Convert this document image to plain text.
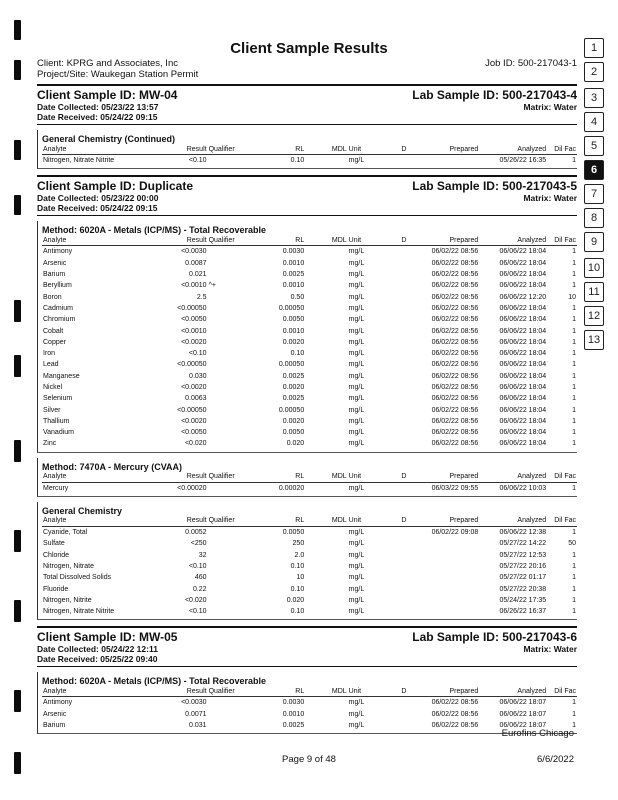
1
2
3
4
5
6
7
8
9
10
11
12
13
Client Sample Results
Client: KPRG and Associates, Inc	Job ID: 500-217043-1
Project/Site: Waukegan Station Permit
Client Sample ID: MW-04	Lab Sample ID: 500-217043-4
Date Collected: 05/23/22 13:57	Matrix: Water
Date Received: 05/24/22 09:15
General Chemistry (Continued)
Analyte	Result	Qualifier	RL	MDL	Unit	D	Prepared	Analyzed	Dil Fac
Nitrogen, Nitrate Nitrite	<0.10		0.10		mg/L			05/26/22 16:35	1
Client Sample ID: Duplicate	Lab Sample ID: 500-217043-5
Date Collected: 05/23/22 00:00	Matrix: Water
Date Received: 05/24/22 09:15
Method: 6020A - Metals (ICP/MS) - Total Recoverable
Analyte	Result	Qualifier	RL	MDL	Unit	D	Prepared	Analyzed	Dil Fac
Antimony	<0.0030		0.0030		mg/L		06/02/22 08:56	06/06/22 18:04	1
Arsenic	0.0087		0.0010		mg/L		06/02/22 08:56	06/06/22 18:04	1
Barium	0.021		0.0025		mg/L		06/02/22 08:56	06/06/22 18:04	1
Beryllium	<0.0010	^+	0.0010		mg/L		06/02/22 08:56	06/06/22 18:04	1
Boron	2.5		0.50		mg/L		06/02/22 08:56	06/06/22 12:20	10
Cadmium	<0.00050		0.00050		mg/L		06/02/22 08:56	06/06/22 18:04	1
Chromium	<0.0050		0.0050		mg/L		06/02/22 08:56	06/06/22 18:04	1
Cobalt	<0.0010		0.0010		mg/L		06/02/22 08:56	06/06/22 18:04	1
Copper	<0.0020		0.0020		mg/L		06/02/22 08:56	06/06/22 18:04	1
Iron	<0.10		0.10		mg/L		06/02/22 08:56	06/06/22 18:04	1
Lead	<0.00050		0.00050		mg/L		06/02/22 08:56	06/06/22 18:04	1
Manganese	0.030		0.0025		mg/L		06/02/22 08:56	06/06/22 18:04	1
Nickel	<0.0020		0.0020		mg/L		06/02/22 08:56	06/06/22 18:04	1
Selenium	0.0063		0.0025		mg/L		06/02/22 08:56	06/06/22 18:04	1
Silver	<0.00050		0.00050		mg/L		06/02/22 08:56	06/06/22 18:04	1
Thallium	<0.0020		0.0020		mg/L		06/02/22 08:56	06/06/22 18:04	1
Vanadium	<0.0050		0.0050		mg/L		06/02/22 08:56	06/06/22 18:04	1
Zinc	<0.020		0.020		mg/L		06/02/22 08:56	06/06/22 18:04	1
Method: 7470A - Mercury (CVAA)
Analyte	Result	Qualifier	RL	MDL	Unit	D	Prepared	Analyzed	Dil Fac
Mercury	<0.00020		0.00020		mg/L		06/03/22 09:55	06/06/22 10:03	1
General Chemistry
Analyte	Result	Qualifier	RL	MDL	Unit	D	Prepared	Analyzed	Dil Fac
Cyanide, Total	0.0052		0.0050		mg/L		06/02/22 09:08	06/06/22 12:38	1
Sulfate	<250		250		mg/L			05/27/22 14:22	50
Chloride	32		2.0		mg/L			05/27/22 12:53	1
Nitrogen, Nitrate	<0.10		0.10		mg/L			05/27/22 20:16	1
Total Dissolved Solids	460		10		mg/L			05/27/22 01:17	1
Fluoride	0.22		0.10		mg/L			05/27/22 20:38	1
Nitrogen, Nitrite	<0.020		0.020		mg/L			05/24/22 17:35	1
Nitrogen, Nitrate Nitrite	<0.10		0.10		mg/L			06/26/22 16:37	1
Client Sample ID: MW-05	Lab Sample ID: 500-217043-6
Date Collected: 05/24/22 12:11	Matrix: Water
Date Received: 05/25/22 09:40
Method: 6020A - Metals (ICP/MS) - Total Recoverable
Analyte	Result	Qualifier	RL	MDL	Unit	D	Prepared	Analyzed	Dil Fac
Antimony	<0.0030		0.0030		mg/L		06/02/22 08:56	06/06/22 18:07	1
Arsenic	0.0071		0.0010		mg/L		06/02/22 08:56	06/06/22 18:07	1
Barium	0.031		0.0025		mg/L		06/02/22 08:56	06/06/22 18:07	1
Eurofins Chicago
Page 9 of 48	6/6/2022
